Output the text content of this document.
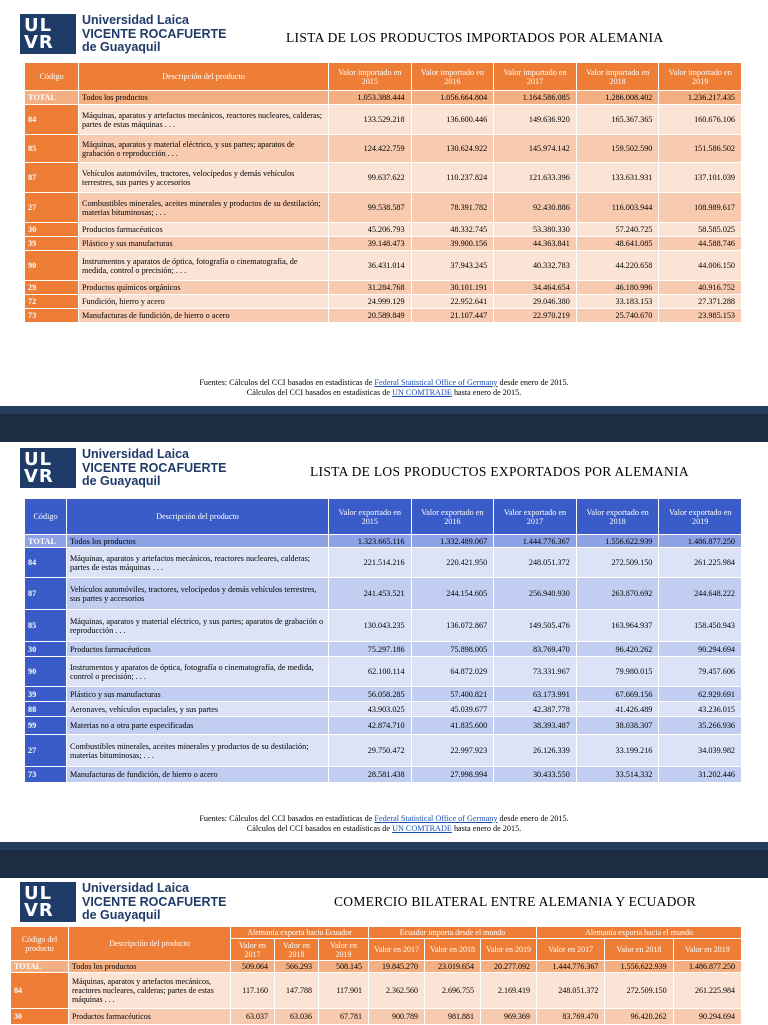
UL
VR
Universidad Laica
VICENTE ROCAFUERTE
de Guayaquil
LISTA DE LOS PRODUCTOS IMPORTADOS POR ALEMANIA
Código	Descripción del producto	Valor importado en 2015	Valor importado en 2016	Valor importado en 2017	Valor importado en 2018	Valor importado en 2019
TOTAL	Todos los productos	1.053.388.444	1.056.664.804	1.164.586.085	1.286.008.402	1.236.217.435
84	Máquinas, aparatos y artefactos mecánicos, reactores nucleares, calderas; partes de estas máquinas . . .	133.529.218	136.600.446	149.636.920	165.367.365	160.676.106
85	Máquinas, aparatos y material eléctrico, y sus partes; aparatos de grabación o reproducción . . .	124.422.759	130.624.922	145.974.142	159.502.590	151.586.502
87	Vehículos automóviles, tractores, velocípedos y demás vehículos terrestres, sus partes y accesorios	99.637.622	110.237.824	121.633.396	133.631.931	137.101.039
27	Combustibles minerales, aceites minerales y productos de su destilación; materias bituminosas; . . .	99.538.587	78.391.782	92.430.886	116.003.944	108.989.617
30	Productos farmacéuticos	45.206.793	48.332.745	53.380.330	57.240.725	58.585.025
39	Plástico y sus manufacturas	39.148.473	39.900.156	44.363.841	48.641.085	44.588.746
90	Instrumentos y aparatos de óptica, fotografía o cinematografía, de medida, control o precisión; . . .	36.431.014	37.943.245	40.332.783	44.220.658	44.006.150
29	Productos químicos orgánicos	31.284.768	30.101.191	34.464.654	46.180.996	40.916.752
72	Fundición, hierro y acero	24.999.129	22.952.641	29.046.380	33.183.153	27.371.288
73	Manufacturas de fundición, de hierro o acero	20.589.849	21.107.447	22.970.219	25.740.670	23.985.153
Fuentes: Cálculos del CCI basados en estadísticas de Federal Statistical Office of Germany desde enero de 2015.
Cálculos del CCI basados en estadísticas de UN COMTRADE hasta enero de 2015.
UL
VR
Universidad Laica
VICENTE ROCAFUERTE
de Guayaquil
LISTA DE LOS PRODUCTOS EXPORTADOS POR ALEMANIA
Código	Descripción del producto	Valor exportado en 2015	Valor exportado en 2016	Valor exportado en 2017	Valor exportado en 2018	Valor exportado en 2019
TOTAL	Todos los productos	1.323.665.116	1.332.489.067	1.444.776.367	1.556.622.939	1.486.877.250
84	Máquinas, aparatos y artefactos mecánicos, reactores nucleares, calderas; partes de estas máquinas . . .	221.514.216	220.421.950	248.051.372	272.509.150	261.225.984
87	Vehículos automóviles, tractores, velocípedos y demás vehículos terrestres, sus partes y accesorios	241.453.521	244.154.605	256.940.930	263.870.692	244.648.222
85	Máquinas, aparatos y material eléctrico, y sus partes; aparatos de grabación o reproducción . . .	130.043.235	136.072.867	149.505.476	163.964.937	158.450.943
30	Productos farmacéuticos	75.297.186	75.898.005	83.769.470	96.420.262	90.294.694
90	Instrumentos y aparatos de óptica, fotografía o cinematografía, de medida, control o precisión; . . .	62.100.114	64.872.029	73.331.967	79.980.015	79.457.606
39	Plástico y sus manufacturas	56.058.285	57.400.821	63.173.991	67.669.156	62.929.691
88	Aeronaves, vehículos espaciales, y sus partes	43.903.025	45.039.677	42.387.778	41.426.489	43.236.015
99	Materias no a otra parte especificadas	42.874.710	41.835.600	38.393.487	38.038.307	35.266.936
27	Combustibles minerales, aceites minerales y productos de su destilación; materias bituminosas; . . .	29.750.472	22.997.923	26.126.339	33.199.216	34.039.982
73	Manufacturas de fundición, de hierro o acero	28.581.438	27.998.994	30.433.550	33.514.332	31.202.446
Fuentes: Cálculos del CCI basados en estadísticas de Federal Statistical Office of Germany desde enero de 2015.
Cálculos del CCI basados en estadísticas de UN COMTRADE hasta enero de 2015.
UL
VR
Universidad Laica
VICENTE ROCAFUERTE
de Guayaquil
COMERCIO BILATERAL ENTRE ALEMANIA Y ECUADOR
Código del producto	Descripción del producto	Alemania exporta hacia Ecuador			Ecuador importa desde el mundo			Alemania exporta hacia el mundo		
		Valor en 2017	Valor en 2018	Valor en 2019	Valor en 2017	Valor en 2018	Valor en 2019	Valor en 2017	Valor en 2018	Valor en 2019
TOTAL	Todos los productos	509.064	566.293	508.145	19.845.270	23.019.654	20.277.092	1.444.776.367	1.556.622.939	1.486.877.250
84	Máquinas, aparatos y artefactos mecánicos, reactores nucleares, calderas; partes de estas máquinas . . .	117.160	147.788	117.901	2.362.560	2.696.755	2.169.419	248.051.372	272.509.150	261.225.984
30	Productos farmacéuticos	63.037	63.036	67.781	900.789	981.881	969.369	83.769.470	96.420.262	90.294.694
